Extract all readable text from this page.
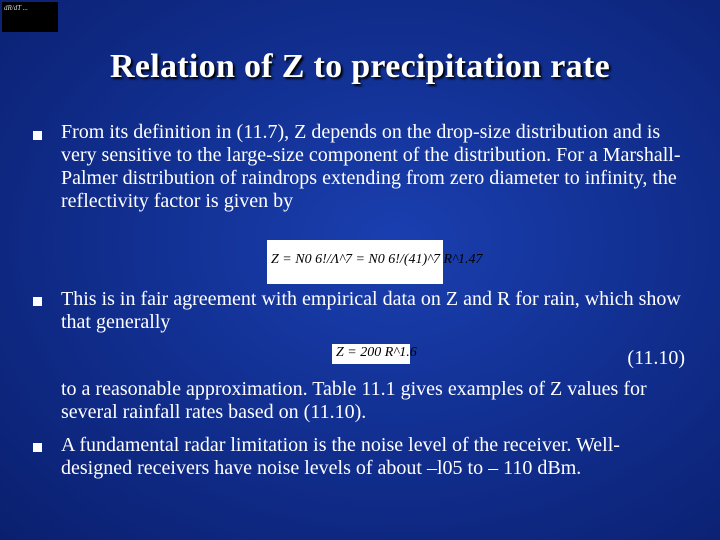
dR/dT ...
Relation of Z to precipitation rate
From its definition in (11.7), Z depends on the drop-size distribution and is very sensitive to the large-size component of the distribution. For a Marshall-Palmer distribution of raindrops extending from zero diameter to infinity, the reflectivity factor is given by
Z = N0 6!/Λ^7 = N0 6!/(41)^7 R^1.47
This is in fair agreement with empirical data on Z and R for rain, which show that generally
Z = 200 R^1.6	(11.10)
to a reasonable approximation. Table 11.1 gives examples of Z values for several rainfall rates based on (11.10).
A fundamental radar limitation is the noise level of the receiver. Well-designed receivers have noise levels of about –l05 to – 110 dBm.
